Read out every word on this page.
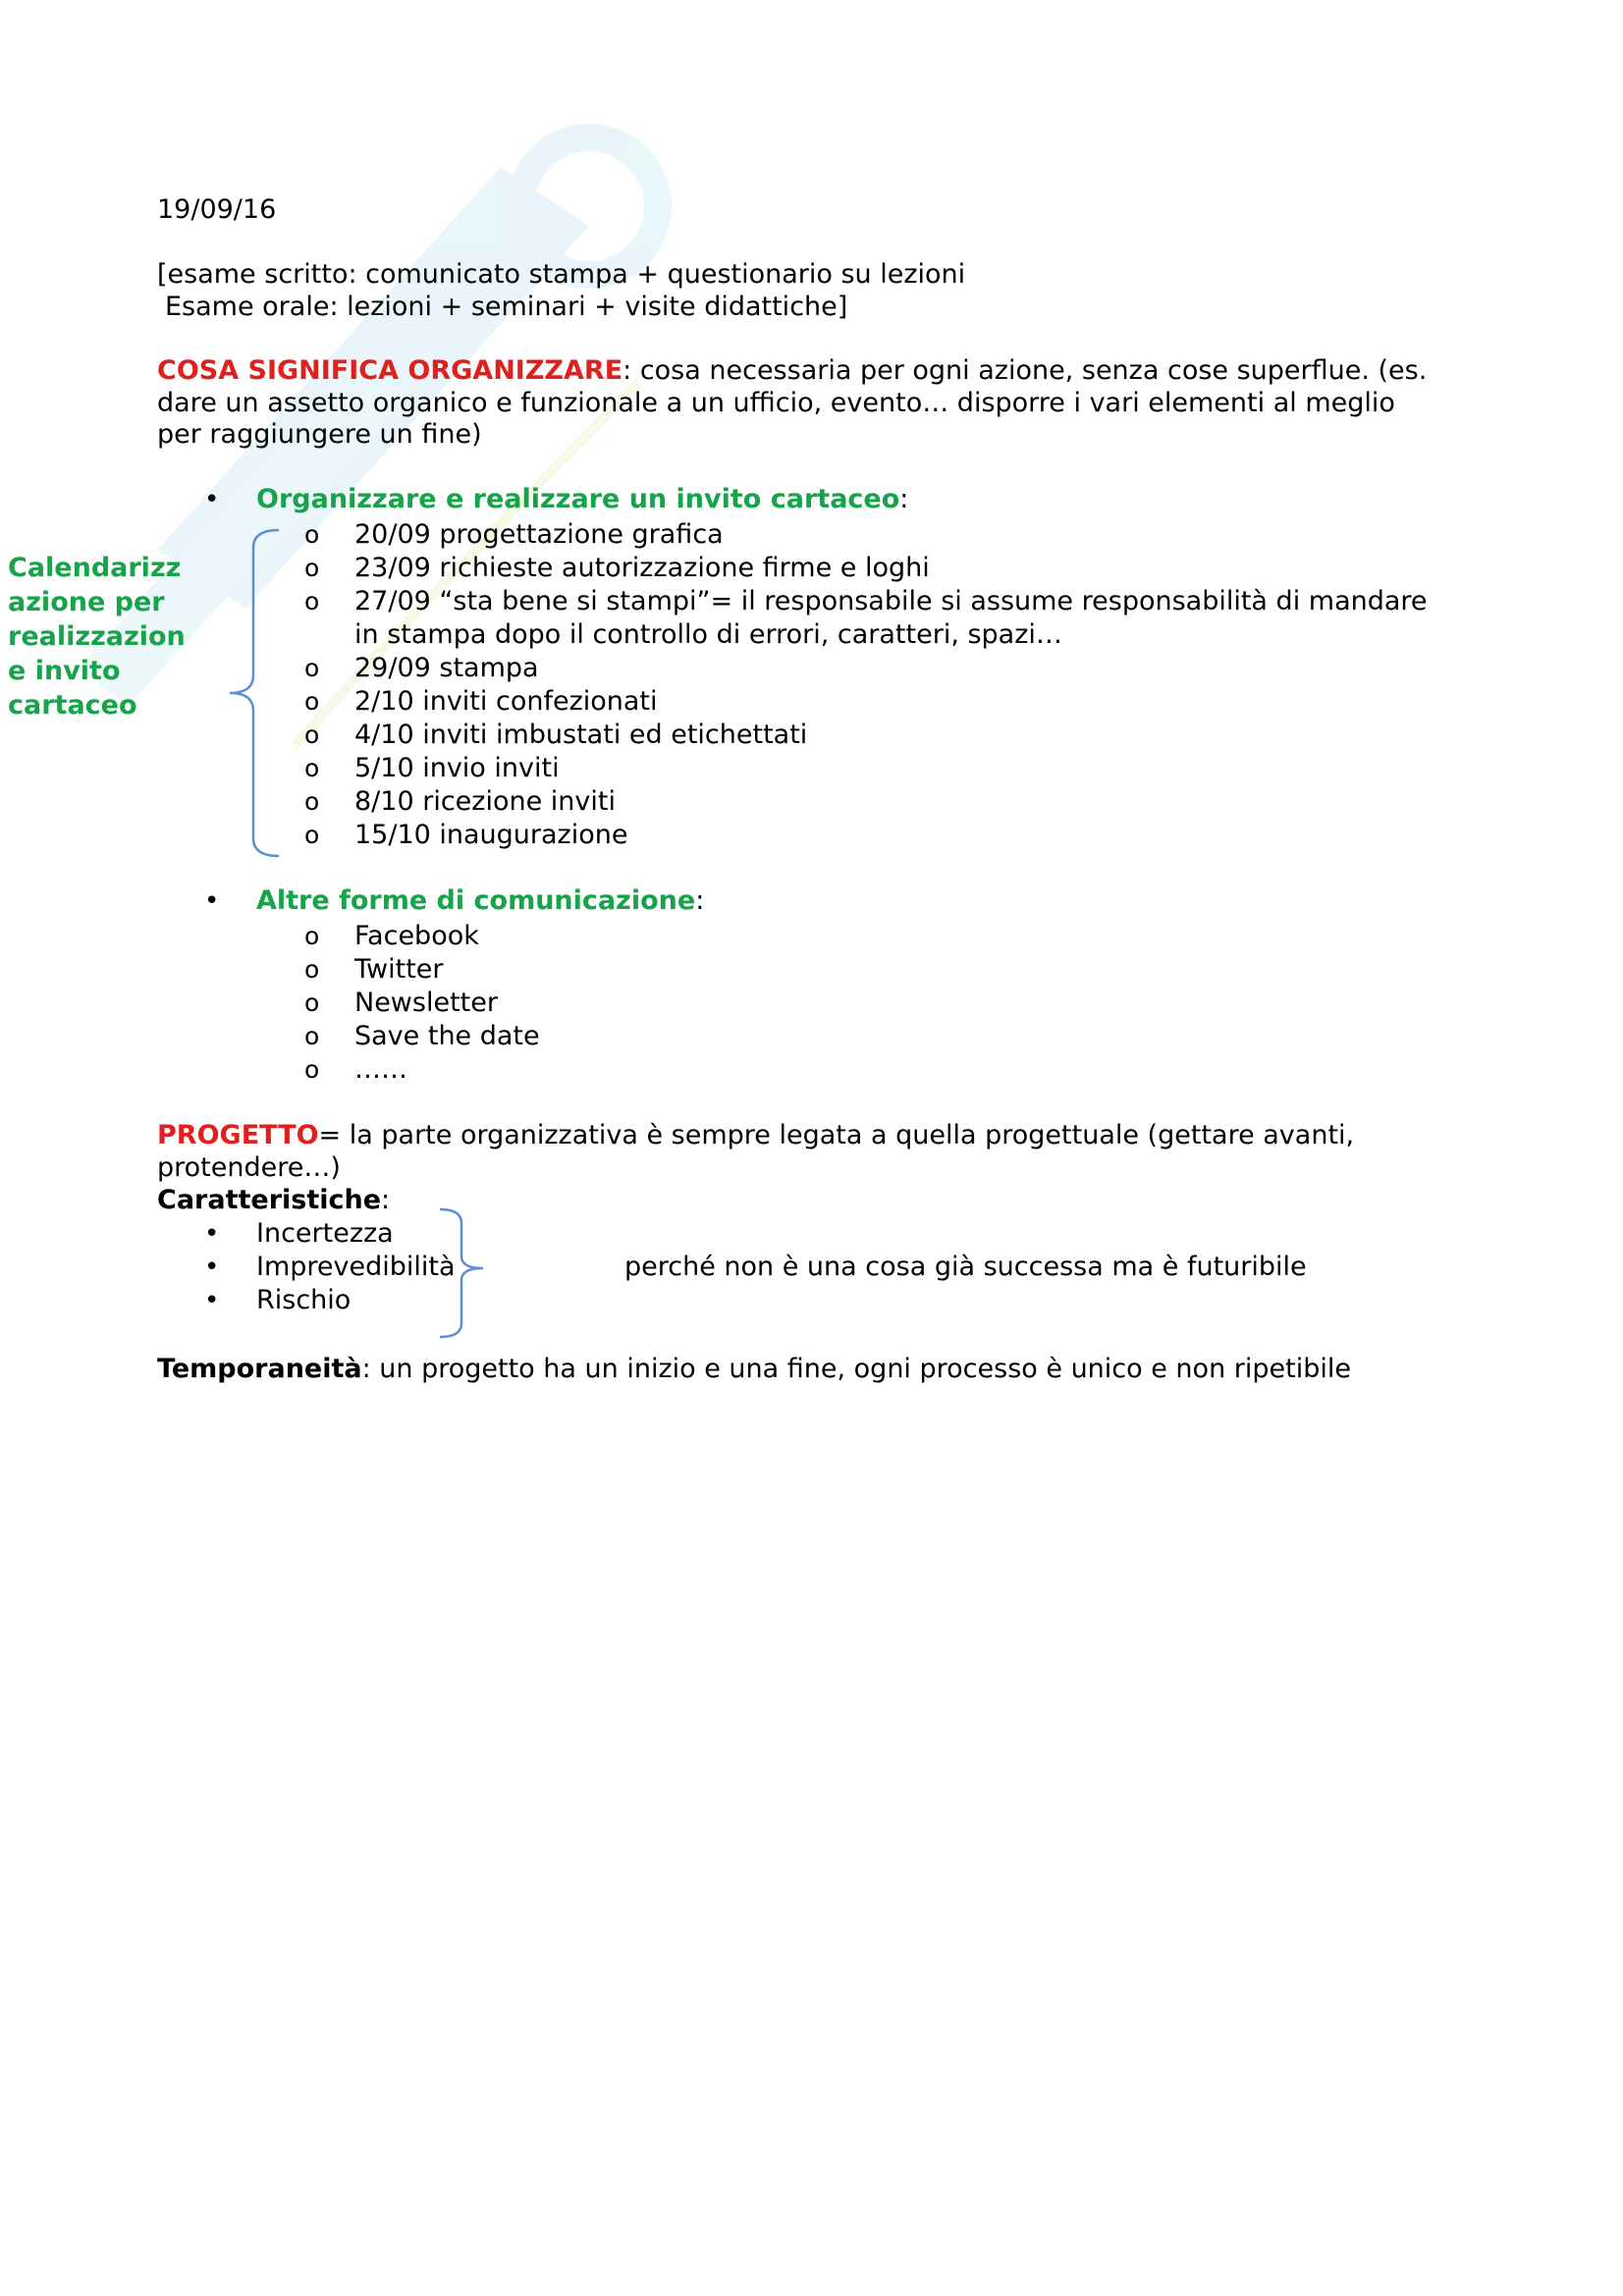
19/09/16
[esame scritto: comunicato stampa + questionario su lezioni
Esame orale: lezioni + seminari + visite didattiche]
COSA SIGNIFICA ORGANIZZARE: cosa necessaria per ogni azione, senza cose superflue. (es.
dare un assetto organico e funzionale a un ufficio, evento… disporre i vari elementi al meglio
per raggiungere un fine)
• Organizzare e realizzare un invito cartaceo:
Calendarizz
azione per
realizzazion
e invito
cartaceo
o 20/09 progettazione grafica
o 23/09 richieste autorizzazione firme e loghi
o 27/09 “sta bene si stampi”= il responsabile si assume responsabilità di mandare
in stampa dopo il controllo di errori, caratteri, spazi…
o 29/09 stampa
o 2/10 inviti confezionati
o 4/10 inviti imbustati ed etichettati
o 5/10 invio inviti
o 8/10 ricezione inviti
o 15/10 inaugurazione
• Altre forme di comunicazione:
o Facebook
o Twitter
o Newsletter
o Save the date
o ……
PROGETTO= la parte organizzativa è sempre legata a quella progettuale (gettare avanti,
protendere…)
Caratteristiche:
• Incertezza
• Imprevedibilità
• Rischio
perché non è una cosa già successa ma è futuribile
Temporaneità: un progetto ha un inizio e una fine, ogni processo è unico e non ripetibile
